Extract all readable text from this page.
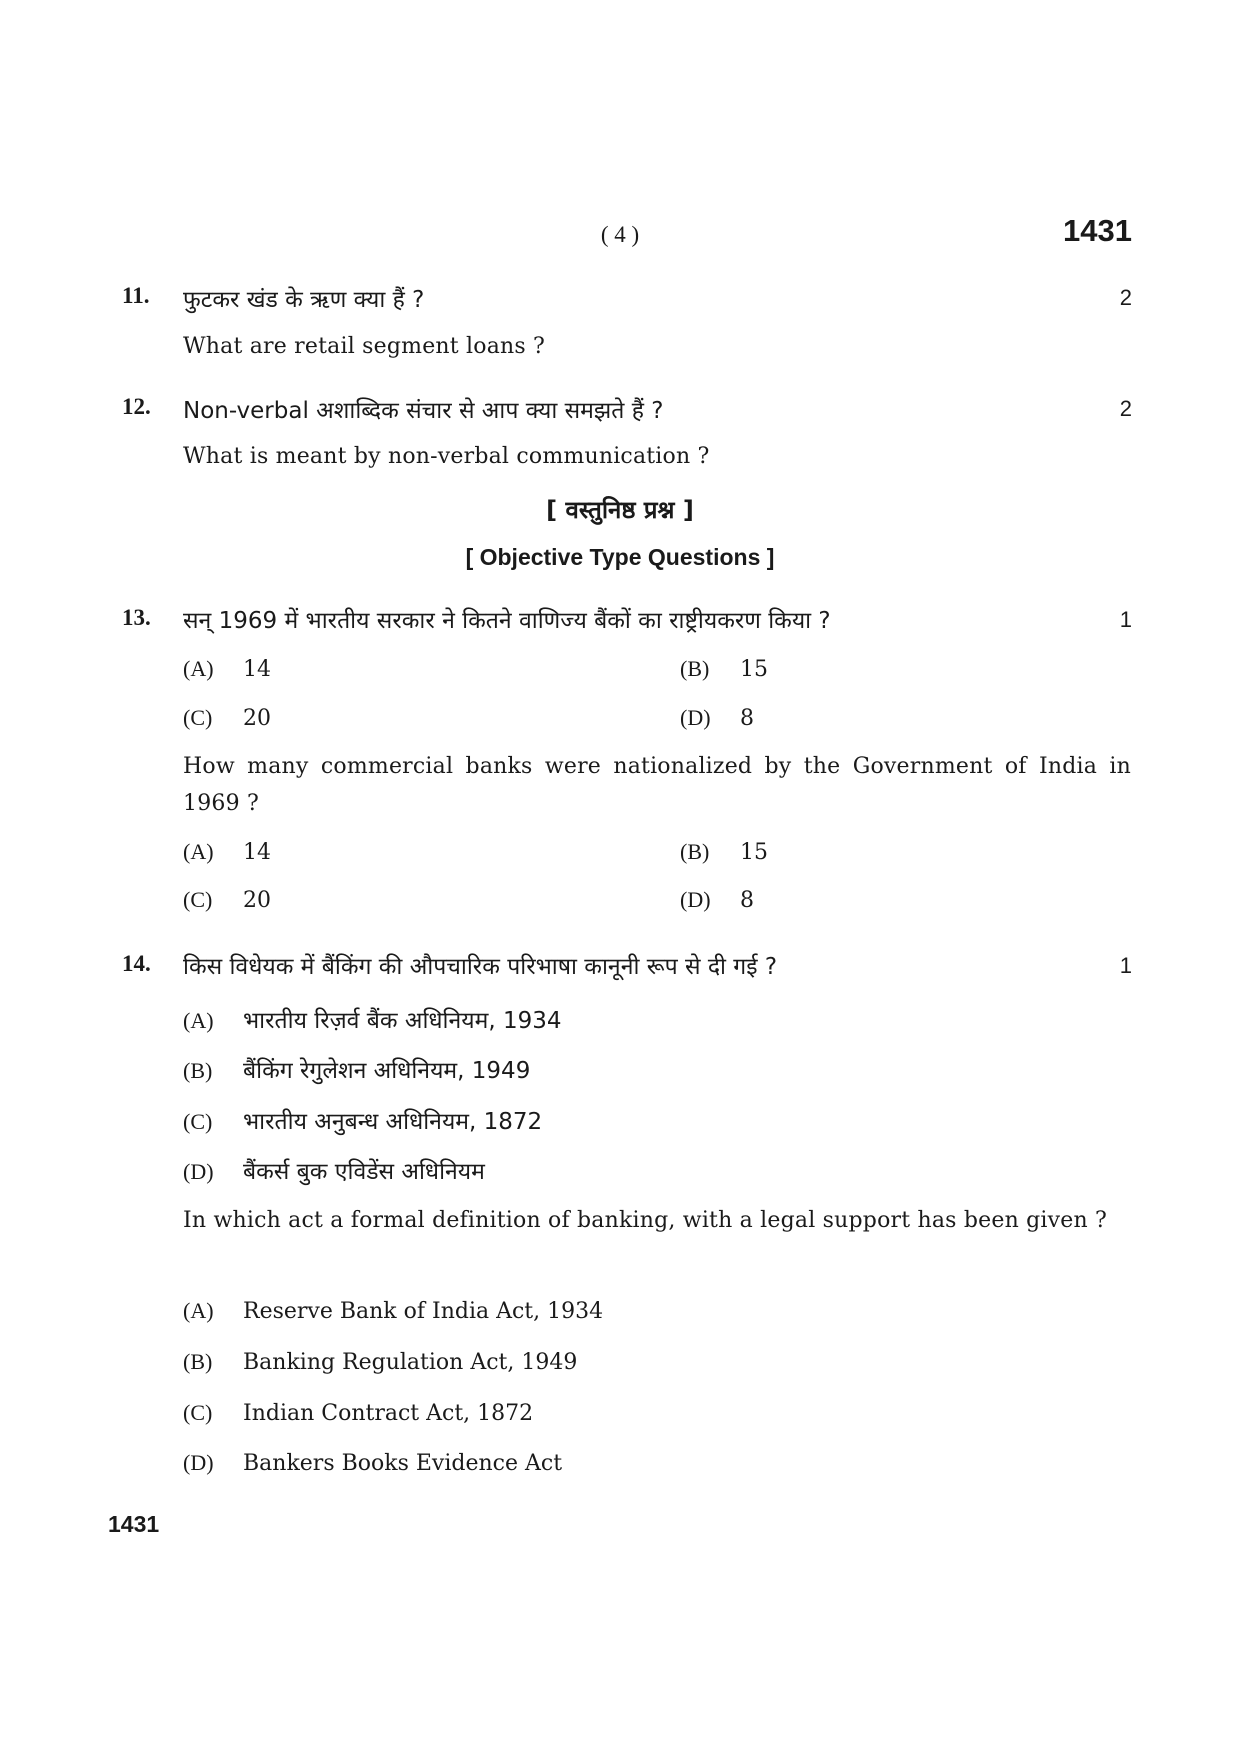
( 4 )	1431
11. फुटकर खंड के ऋण क्या हैं ?	2
What are retail segment loans ?
12. Non-verbal अशाब्दिक संचार से आप क्या समझते हैं ?	2
What is meant by non-verbal communication ?
[ वस्तुनिष्ठ प्रश्न ]
[ Objective Type Questions ]
13. सन् 1969 में भारतीय सरकार ने कितने वाणिज्य बैंकों का राष्ट्रीयकरण किया ?	1
(A) 14	(B) 15
(C) 20	(D) 8
How many commercial banks were nationalized by the Government of India in 1969 ?
(A) 14	(B) 15
(C) 20	(D) 8
14. किस विधेयक में बैंकिंग की औपचारिक परिभाषा कानूनी रूप से दी गई ?	1
(A) भारतीय रिज़र्व बैंक अधिनियम, 1934
(B) बैंकिंग रेगुलेशन अधिनियम, 1949
(C) भारतीय अनुबन्ध अधिनियम, 1872
(D) बैंकर्स बुक एविडेंस अधिनियम
In which act a formal definition of banking, with a legal support has been given ?
(A) Reserve Bank of India Act, 1934
(B) Banking Regulation Act, 1949
(C) Indian Contract Act, 1872
(D) Bankers Books Evidence Act
1431
